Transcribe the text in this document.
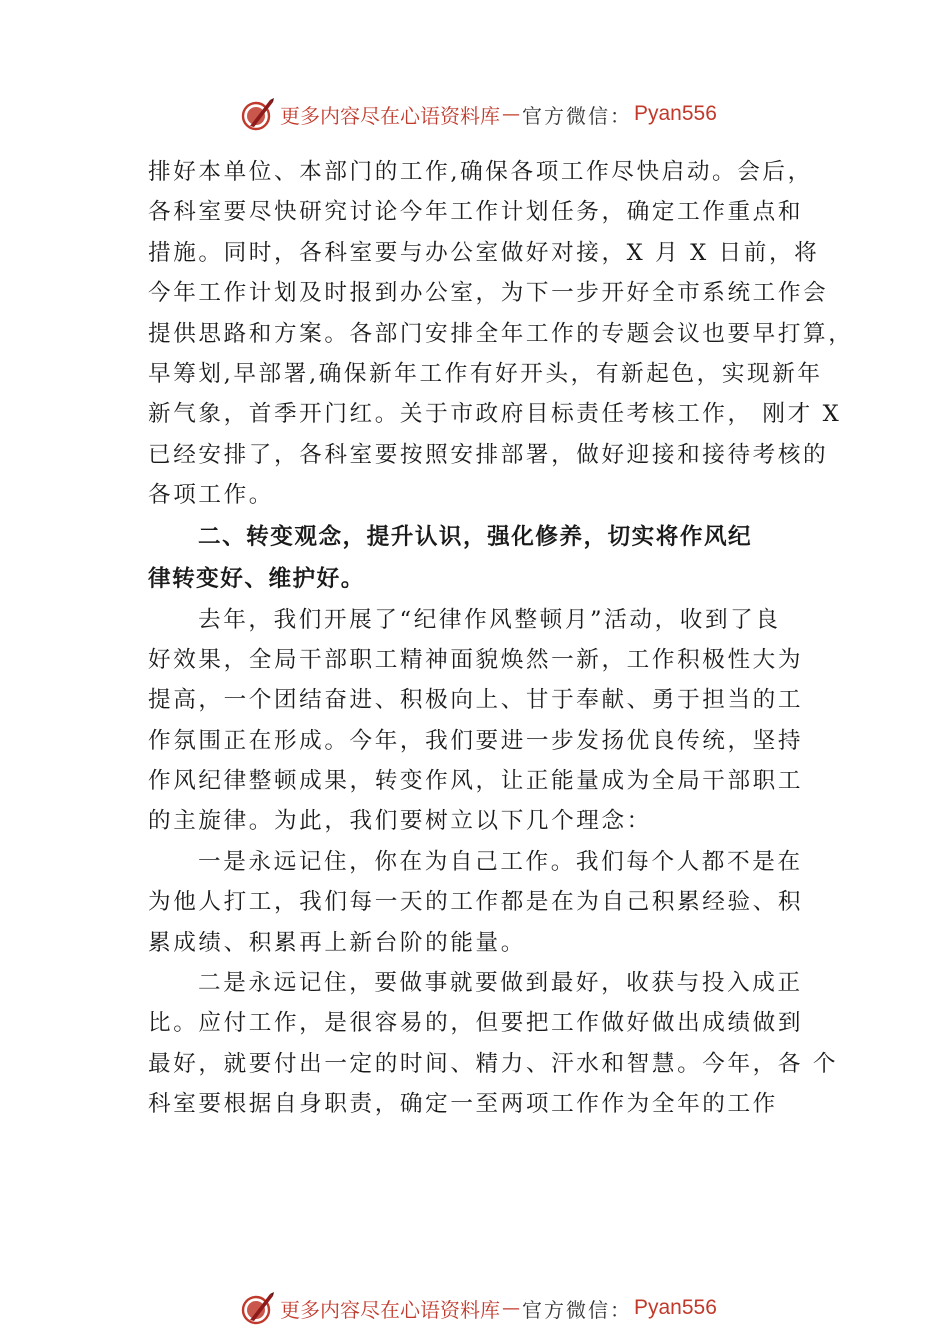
更多内容尽在心语资料库 — 官方微信： Pyan556
排好本单位、本部门的工作,确保各项工作尽快启动。会后，
各科室要尽快研究讨论今年工作计划任务，确定工作重点和
措施。同时，各科室要与办公室做好对接，X 月 X 日前，将
今年工作计划及时报到办公室，为下一步开好全市系统工作会
提供思路和方案。各部门安排全年工作的专题会议也要早打算，
早筹划,早部署,确保新年工作有好开头，有新起色，实现新年
新气象，首季开门红。关于市政府目标责任考核工作， 刚才 X
已经安排了，各科室要按照安排部署，做好迎接和接待考核的
各项工作。
二、转变观念，提升认识，强化修养，切实将作风纪
律转变好、维护好。
去年，我们开展了“纪律作风整顿月”活动，收到了良
好效果，全局干部职工精神面貌焕然一新，工作积极性大为
提高，一个团结奋进、积极向上、甘于奉献、勇于担当的工
作氛围正在形成。今年，我们要进一步发扬优良传统，坚持
作风纪律整顿成果，转变作风，让正能量成为全局干部职工
的主旋律。为此，我们要树立以下几个理念：
一是永远记住，你在为自己工作。我们每个人都不是在
为他人打工，我们每一天的工作都是在为自己积累经验、积
累成绩、积累再上新台阶的能量。
二是永远记住，要做事就要做到最好，收获与投入成正
比。应付工作，是很容易的，但要把工作做好做出成绩做到
最好，就要付出一定的时间、精力、汗水和智慧。今年，各 个
科室要根据自身职责，确定一至两项工作作为全年的工作
更多内容尽在心语资料库 — 官方微信： Pyan556
